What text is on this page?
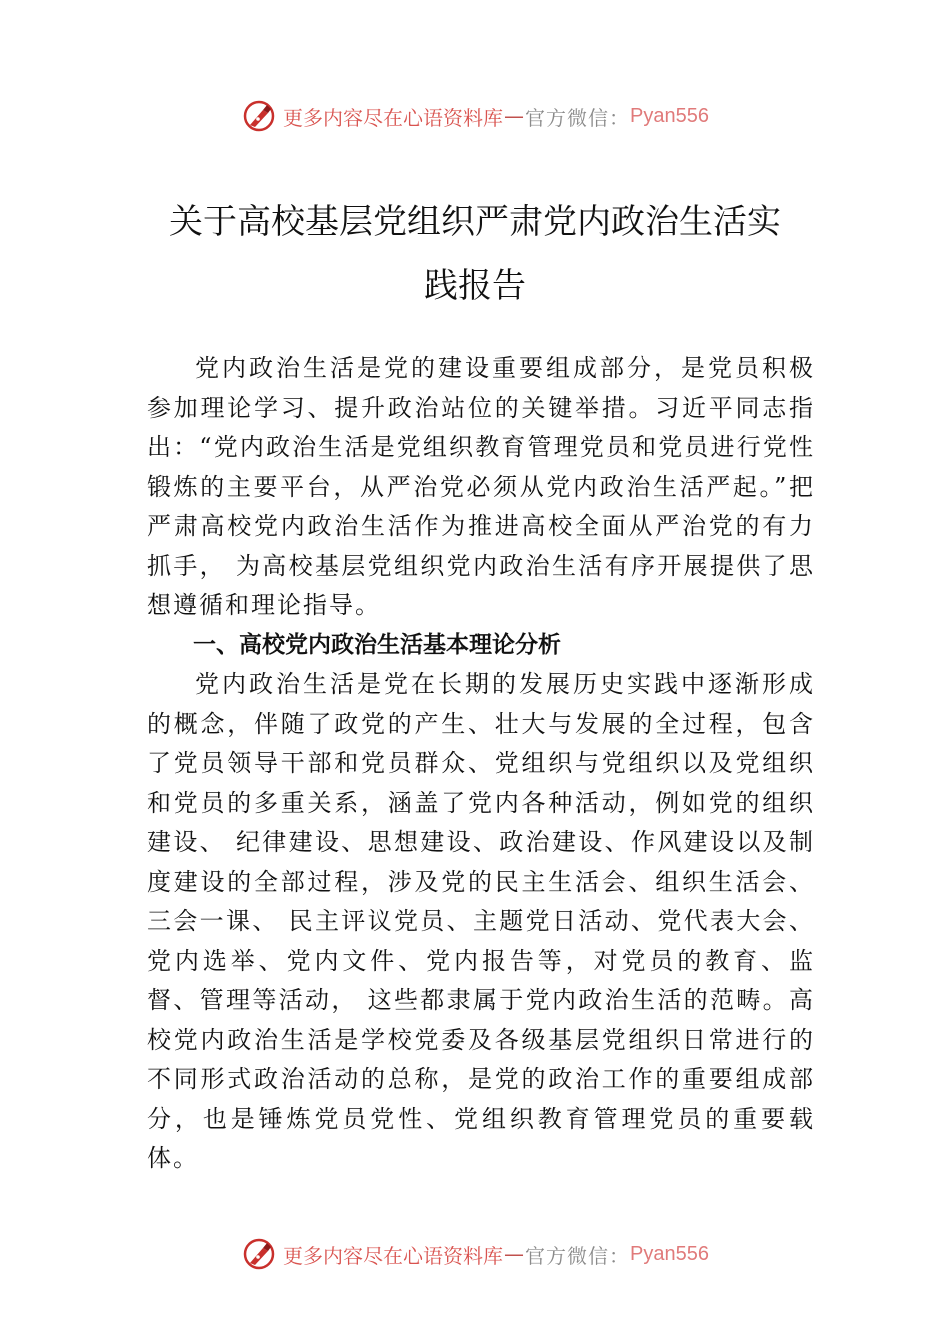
更多内容尽在心语资料库 — 官方微信： Pyan556
关于高校基层党组织严肃党内政治生活实
践报告

党内政治生活是党的建设重要组成部分，是党员积极参加理论学习、提升政治站位的关键举措。习近平同志指出：“党内政治生活是党组织教育管理党员和党员进行党性锻炼的主要平台，从严治党必须从党内政治生活严起。”把严肃高校党内政治生活作为推进高校全面从严治党的有力抓手， 为高校基层党组织党内政治生活有序开展提供了思想遵循和理论指导。

一、高校党内政治生活基本理论分析

党内政治生活是党在长期的发展历史实践中逐渐形成的概念，伴随了政党的产生、壮大与发展的全过程，包含了党员领导干部和党员群众、党组织与党组织以及党组织和党员的多重关系，涵盖了党内各种活动，例如党的组织建设、 纪律建设、思想建设、政治建设、作风建设以及制度建设的全部过程，涉及党的民主生活会、组织生活会、三会一课、 民主评议党员、主题党日活动、党代表大会、党内选举、党内文件、党内报告等，对党员的教育、监督、管理等活动， 这些都隶属于党内政治生活的范畴。高校党内政治生活是学校党委及各级基层党组织日常进行的不同形式政治活动的总称，是党的政治工作的重要组成部分，也是锤炼党员党性、党组织教育管理党员的重要载体。

更多内容尽在心语资料库 — 官方微信： Pyan556
